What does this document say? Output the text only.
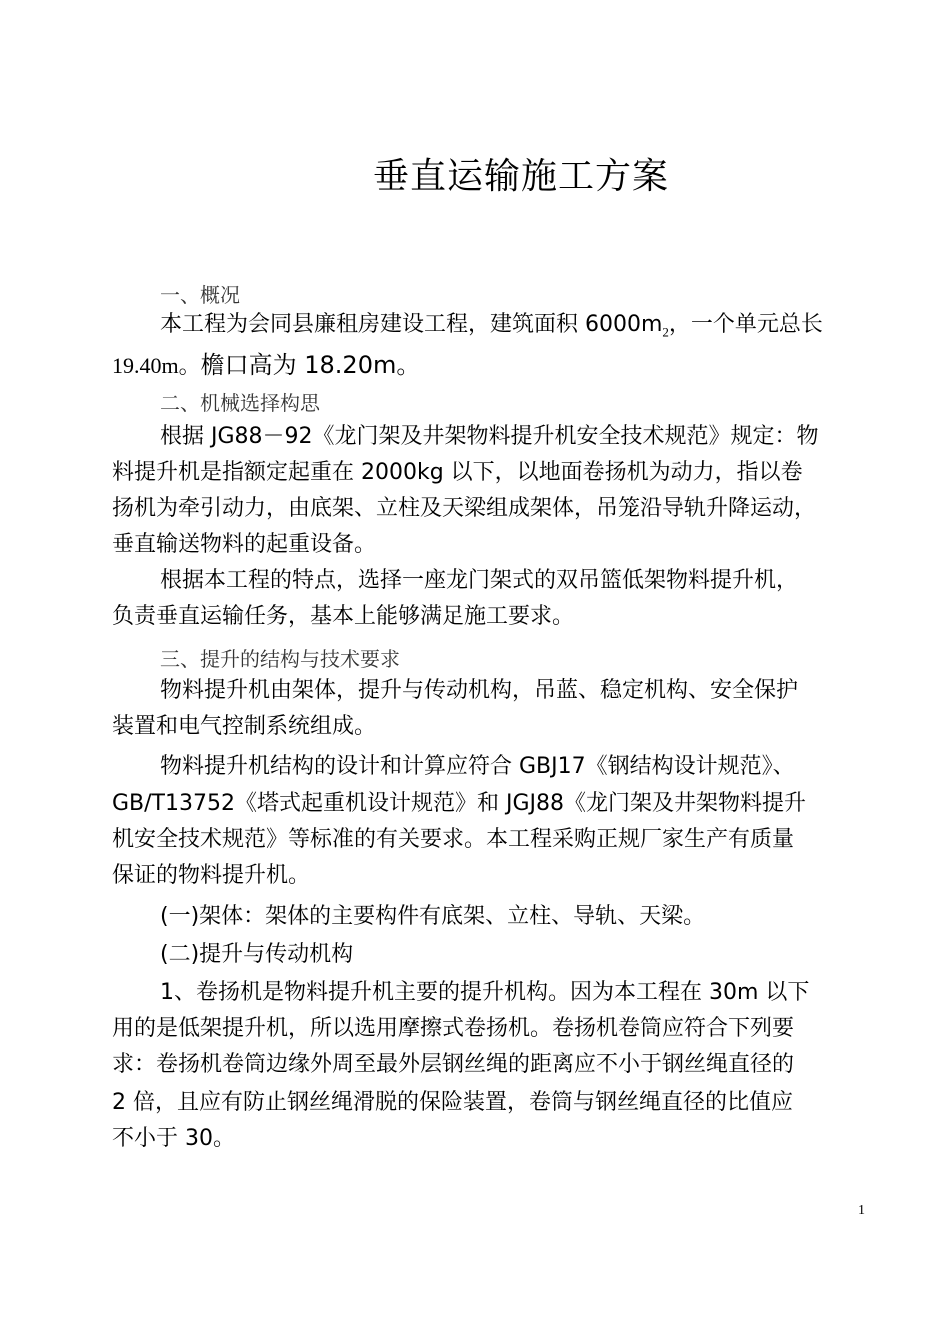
垂直运输施工方案
一、概况
本工程为会同县廉租房建设工程，建筑面积 $6000m_2$，一个单元总长
19.40m。檐口高为 18.20m。
二、机械选择构思
根据 JG88－92《龙门架及井架物料提升机安全技术规范》规定：物
料提升机是指额定起重在 2000kg 以下，以地面卷扬机为动力，指以卷
扬机为牵引动力，由底架、立柱及天梁组成架体，吊笼沿导轨升降运动，
垂直输送物料的起重设备。
根据本工程的特点，选择一座龙门架式的双吊篮低架物料提升机，
负责垂直运输任务，基本上能够满足施工要求。
三、提升的结构与技术要求
物料提升机由架体，提升与传动机构，吊蓝、稳定机构、安全保护
装置和电气控制系统组成。
物料提升机结构的设计和计算应符合 GBJ17《钢结构设计规范》、
GB/T13752《塔式起重机设计规范》和 JGJ88《龙门架及井架物料提升
机安全技术规范》等标准的有关要求。本工程采购正规厂家生产有质量
保证的物料提升机。
(一)架体：架体的主要构件有底架、立柱、导轨、天梁。
(二)提升与传动机构
1、卷扬机是物料提升机主要的提升机构。因为本工程在 30m 以下
用的是低架提升机，所以选用摩擦式卷扬机。卷扬机卷筒应符合下列要
求：卷扬机卷筒边缘外周至最外层钢丝绳的距离应不小于钢丝绳直径的
2 倍，且应有防止钢丝绳滑脱的保险装置，卷筒与钢丝绳直径的比值应
不小于 30。
1
